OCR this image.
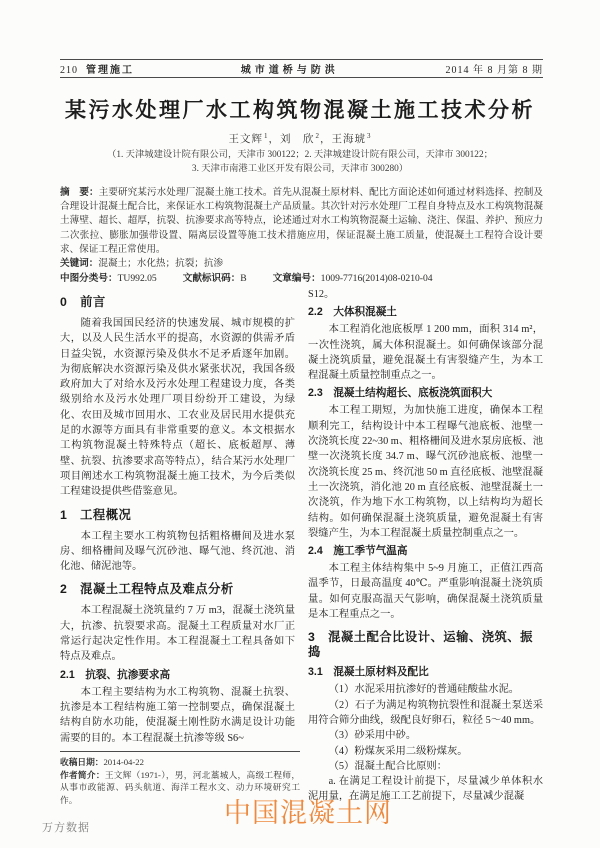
210 管理施工	城市道桥与防洪	2014 年 8 月第 8 期
某污水处理厂水工构筑物混凝土施工技术分析
王文辉$^1$，刘　欣$^2$，王海琥$^3$
（1. 天津城建设计院有限公司，天津市 300122；2. 天津城建设计院有限公司，天津市 300122；
3. 天津市南港工业区开发有限公司，天津市 300280）
摘　要：主要研究某污水处理厂混凝土施工技术。首先从混凝土原材料、配比方面论述如何通过材料选择、控制及合理设计混凝土配合比，来保证水工构筑物混凝土产品质量。其次针对污水处理厂工程自身特点及水工构筑物混凝土薄壁、超长、超厚，抗裂、抗渗要求高等特点，论述通过对水工构筑物混凝土运输、浇注、保温、养护、预应力二次张拉、膨胀加强带设置、隔离层设置等施工技术措施应用，保证混凝土施工质量，使混凝土工程符合设计要求、保证工程正常使用。
关键词：混凝土；水化热；抗裂；抗渗
中图分类号：TU992.05	文献标识码：B	文章编号：1009-7716(2014)08-0210-04
0　前言
随着我国国民经济的快速发展、城市规模的扩大，以及人民生活水平的提高，水资源的供需矛盾日益尖锐，水资源污染及供水不足矛盾逐年加剧。为彻底解决水资源污染及供水紧张状况，我国各级政府加大了对给水及污水处理工程建设力度，各类级别给水及污水处理厂项目纷纷开工建设，为绿化、农田及城市回用水、工农业及居民用水提供充足的水源等方面具有非常重要的意义。本文根据水工构筑物混凝土特殊特点（超长、底板超厚、薄壁、抗裂、抗渗要求高等特点），结合某污水处理厂项目阐述水工构筑物混凝土施工技术，为今后类似工程建设提供些借鉴意见。
1　工程概况
本工程主要水工构筑物包括粗格栅间及进水泵房、细格栅间及曝气沉砂池、曝气池、终沉池、消化池、储泥池等。
2　混凝土工程特点及难点分析
本工程混凝土浇筑量约 7 万 m3，混凝土浇筑量大，抗渗、抗裂要求高。混凝土工程质量对水厂正常运行起决定性作用。本工程混凝土工程具备如下特点及难点。
2.1　抗裂、抗渗要求高
本工程主要结构为水工构筑物、混凝土抗裂、抗渗是本工程结构施工第一控制要点，确保混凝土结构自防水功能，使混凝土刚性防水满足设计功能需要的目的。本工程混凝土抗渗等级 S6~
S12。
2.2　大体积混凝土
本工程消化池底板厚 1 200 mm，面积 314 m²，一次性浇筑，属大体积混凝土。如何确保该部分混凝土浇筑质量，避免混凝土有害裂缝产生，为本工程混凝土质量控制重点之一。
2.3　混凝土结构超长、底板浇筑面积大
本工程工期短，为加快施工进度，确保本工程顺利完工，结构设计中本工程曝气池底板、池壁一次浇筑长度 22~30 m、粗格栅间及进水泵房底板、池壁一次浇筑长度 34.7 m、曝气沉砂池底板、池壁一次浇筑长度 25 m、终沉池 50 m 直径底板、池壁混凝土一次浇筑，消化池 20 m 直径底板、池壁混凝土一次浇筑，作为地下水工构筑物，以上结构均为超长结构。如何确保混凝土浇筑质量，避免混凝土有害裂缝产生，为本工程混凝土质量控制重点之一。
2.4　施工季节气温高
本工程主体结构集中 5~9 月施工，正值江西高温季节，日最高温度 40℃。严重影响混凝土浇筑质量。如何克服高温天气影响，确保混凝土浇筑质量是本工程重点之一。
3　混凝土配合比设计、运输、浇筑、振捣
3.1　混凝土原材料及配比
（1）水泥采用抗渗好的普通硅酸盐水泥。
（2）石子为满足构筑物抗裂性和混凝土泵送采用符合筛分曲线，级配良好卵石，粒径 5～40 mm。
（3）砂采用中砂。
（4）粉煤灰采用二级粉煤灰。
（5）混凝土配合比原则：
a. 在满足工程设计前提下，尽量减少单体积水泥用量，在满足施工工艺前提下，尽量减少混凝

收稿日期：2014-04-22

作者简介：王文辉（1971-），男，河北藁城人，高级工程师，从事市政能源、码头航道、海洋工程水文、动力环境研究工作。	中国混凝土网
万方数据
